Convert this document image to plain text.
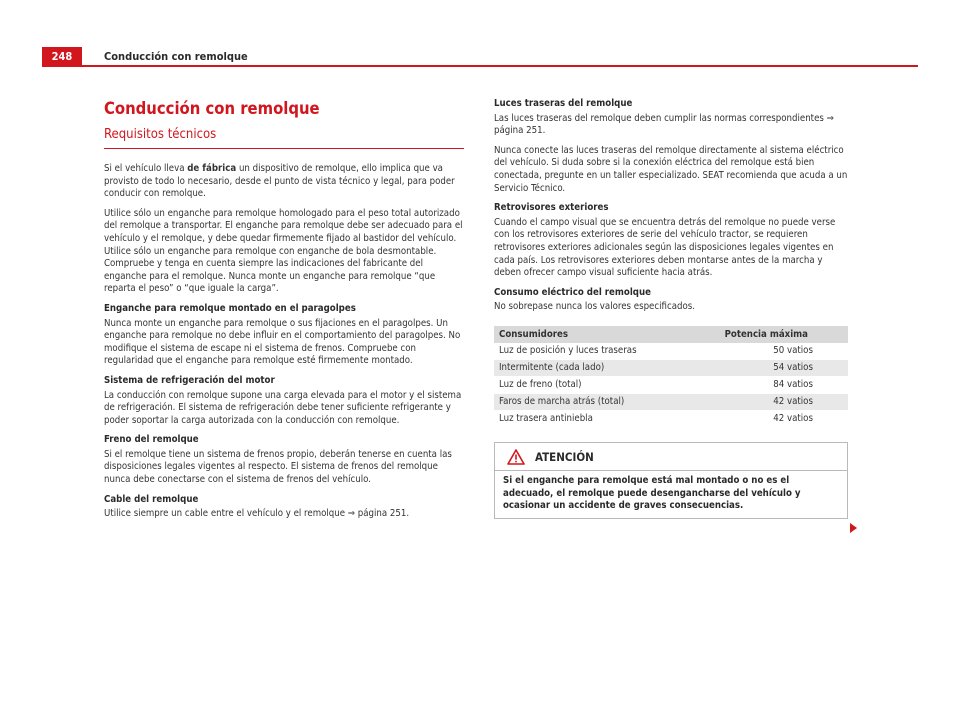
248	Conducción con remolque
Conducción con remolque
Requisitos técnicos

Si el vehículo lleva de fábrica un dispositivo de remolque, ello implica que va provisto de todo lo necesario, desde el punto de vista técnico y legal, para poder conducir con remolque.

Utilice sólo un enganche para remolque homologado para el peso total autorizado del remolque a transportar. El enganche para remolque debe ser adecuado para el vehículo y el remolque, y debe quedar firmemente fijado al bastidor del vehículo. Utilice sólo un enganche para remolque con enganche de bola desmontable. Compruebe y tenga en cuenta siempre las indicaciones del fabricante del enganche para el remolque. Nunca monte un enganche para remolque “que reparta el peso” o “que iguale la carga”.

Enganche para remolque montado en el paragolpes

Nunca monte un enganche para remolque o sus fijaciones en el paragolpes. Un enganche para remolque no debe influir en el comportamiento del paragolpes. No modifique el sistema de escape ni el sistema de frenos. Compruebe con regularidad que el enganche para remolque esté firmemente montado.

Sistema de refrigeración del motor

La conducción con remolque supone una carga elevada para el motor y el sistema de refrigeración. El sistema de refrigeración debe tener suficiente refrigerante y poder soportar la carga autorizada con la conducción con remolque.

Freno del remolque

Si el remolque tiene un sistema de frenos propio, deberán tenerse en cuenta las disposiciones legales vigentes al respecto. El sistema de frenos del remolque nunca debe conectarse con el sistema de frenos del vehículo.

Cable del remolque

Utilice siempre un cable entre el vehículo y el remolque ⇒ página 251.

Luces traseras del remolque

Las luces traseras del remolque deben cumplir las normas correspondientes ⇒ página 251.

Nunca conecte las luces traseras del remolque directamente al sistema eléctrico del vehículo. Si duda sobre si la conexión eléctrica del remolque está bien conectada, pregunte en un taller especializado. SEAT recomienda que acuda a un Servicio Técnico.

Retrovisores exteriores

Cuando el campo visual que se encuentra detrás del remolque no puede verse con los retrovisores exteriores de serie del vehículo tractor, se requieren retrovisores exteriores adicionales según las disposiciones legales vigentes en cada país. Los retrovisores exteriores deben montarse antes de la marcha y deben ofrecer campo visual suficiente hacia atrás.

Consumo eléctrico del remolque

No sobrepase nunca los valores especificados.

Consumidores	Potencia máxima
Luz de posición y luces traseras	50 vatios
Intermitente (cada lado)	54 vatios
Luz de freno (total)	84 vatios
Faros de marcha atrás (total)	42 vatios
Luz trasera antiniebla	42 vatios
ATENCIÓN
Si el enganche para remolque está mal montado o no es el adecuado, el remolque puede desengancharse del vehículo y ocasionar un accidente de graves consecuencias.
